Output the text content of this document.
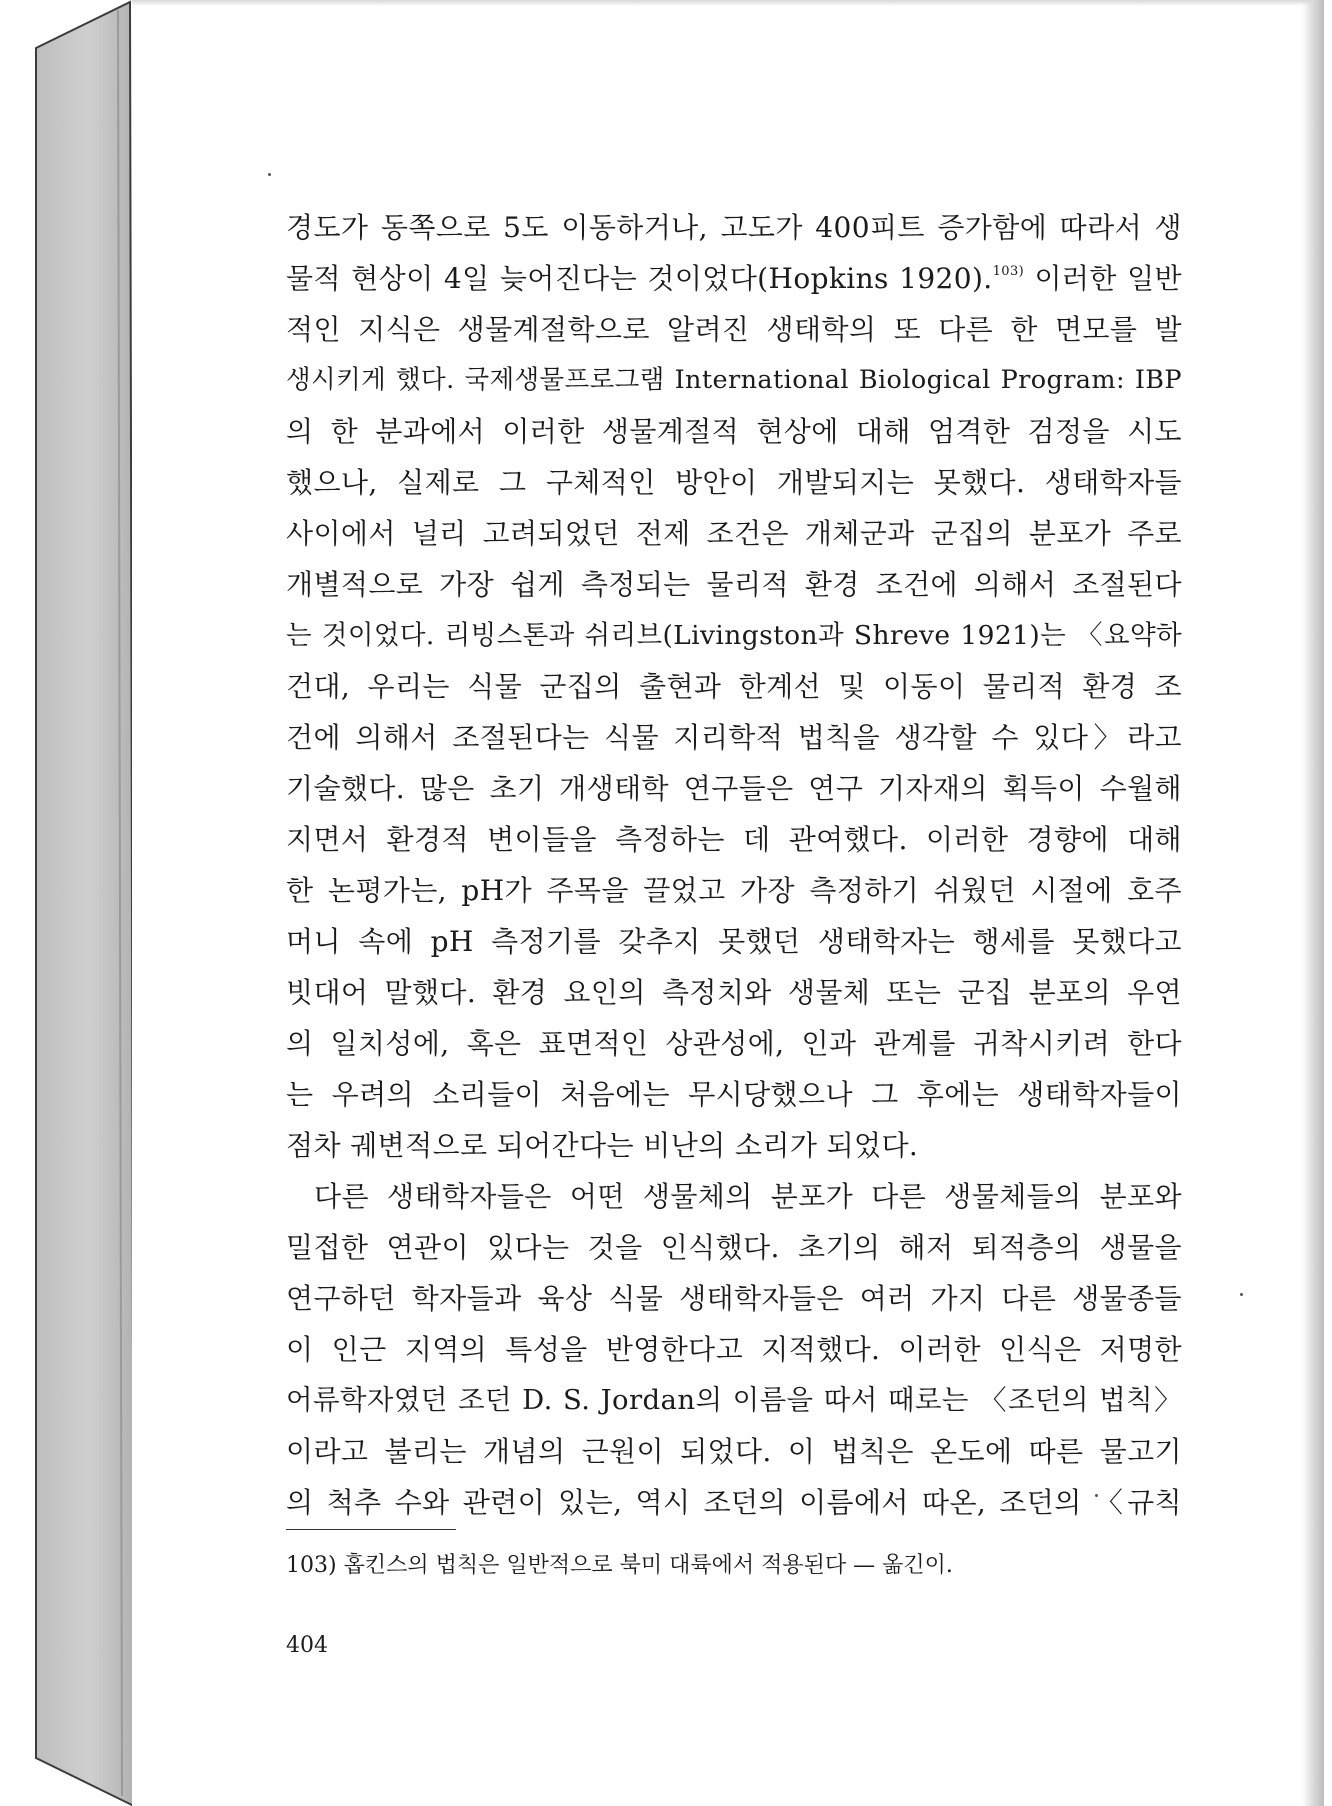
경도가 동쪽으로 5도 이동하거나, 고도가 400피트 증가함에 따라서 생
물적 현상이 4일 늦어진다는 것이었다(Hopkins 1920).$^{103)}$ 이러한 일반
적인 지식은 생물계절학으로 알려진 생태학의 또 다른 한 면모를 발
생시키게 했다. 국제생물프로그램 International Biological Program: IBP
의 한 분과에서 이러한 생물계절적 현상에 대해 엄격한 검정을 시도
했으나, 실제로 그 구체적인 방안이 개발되지는 못했다. 생태학자들
사이에서 널리 고려되었던 전제 조건은 개체군과 군집의 분포가 주로
개별적으로 가장 쉽게 측정되는 물리적 환경 조건에 의해서 조절된다
는 것이었다. 리빙스톤과 쉬리브(Livingston과 Shreve 1921)는 〈요약하
건대, 우리는 식물 군집의 출현과 한계선 및 이동이 물리적 환경 조
건에 의해서 조절된다는 식물 지리학적 법칙을 생각할 수 있다〉라고
기술했다. 많은 초기 개생태학 연구들은 연구 기자재의 획득이 수월해
지면서 환경적 변이들을 측정하는 데 관여했다. 이러한 경향에 대해
한 논평가는, pH가 주목을 끌었고 가장 측정하기 쉬웠던 시절에 호주
머니 속에 pH 측정기를 갖추지 못했던 생태학자는 행세를 못했다고
빗대어 말했다. 환경 요인의 측정치와 생물체 또는 군집 분포의 우연
의 일치성에, 혹은 표면적인 상관성에, 인과 관계를 귀착시키려 한다
는 우려의 소리들이 처음에는 무시당했으나 그 후에는 생태학자들이
점차 궤변적으로 되어간다는 비난의 소리가 되었다.
다른 생태학자들은 어떤 생물체의 분포가 다른 생물체들의 분포와
밀접한 연관이 있다는 것을 인식했다. 초기의 해저 퇴적층의 생물을
연구하던 학자들과 육상 식물 생태학자들은 여러 가지 다른 생물종들
이 인근 지역의 특성을 반영한다고 지적했다. 이러한 인식은 저명한
어류학자였던 조던 D. S. Jordan의 이름을 따서 때로는 〈조던의 법칙〉
이라고 불리는 개념의 근원이 되었다. 이 법칙은 온도에 따른 물고기
의 척추 수와 관련이 있는, 역시 조던의 이름에서 따온, 조던의 〈규칙
103) 홉킨스의 법칙은 일반적으로 북미 대륙에서 적용된다 — 옮긴이.
404
